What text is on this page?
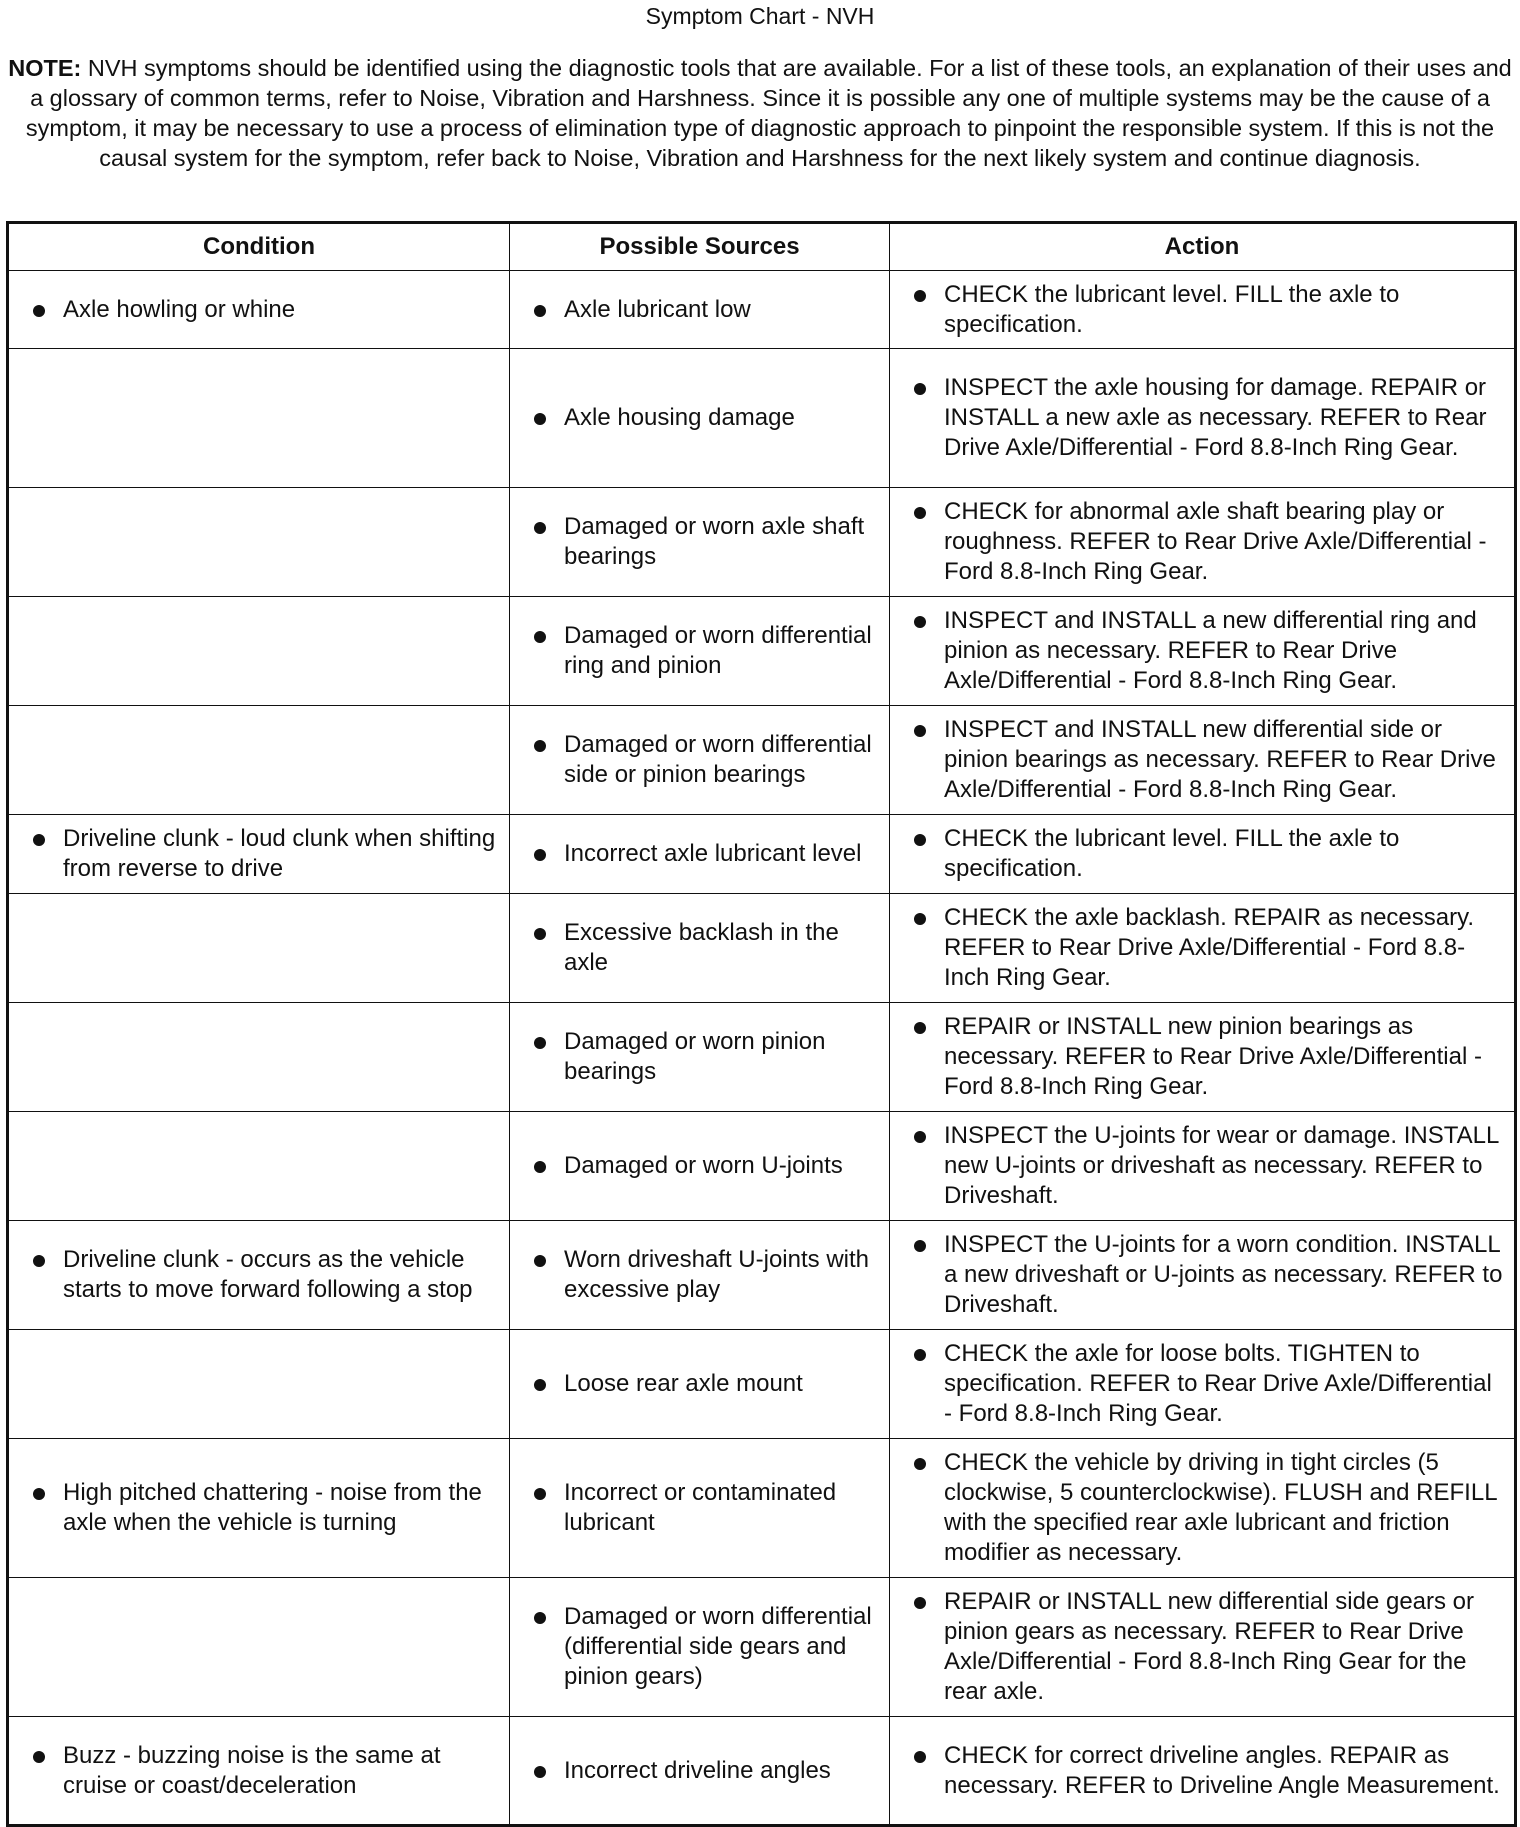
Symptom Chart - NVH
NOTE: NVH symptoms should be identified using the diagnostic tools that are available. For a list of these tools, an explanation of their uses and a glossary of common terms, refer to Noise, Vibration and Harshness. Since it is possible any one of multiple systems may be the cause of a symptom, it may be necessary to use a process of elimination type of diagnostic approach to pinpoint the responsible system. If this is not the causal system for the symptom, refer back to Noise, Vibration and Harshness for the next likely system and continue diagnosis.
Condition	Possible Sources	Action

Axle howling or whine	Axle lubricant low	CHECK the lubricant level. FILL the axle to specification.

	Axle housing damage	INSPECT the axle housing for damage. REPAIR or INSTALL a new axle as necessary. REFER to Rear Drive Axle/Differential - Ford 8.8-Inch Ring Gear.

	Damaged or worn axle shaft bearings	CHECK for abnormal axle shaft bearing play or roughness. REFER to Rear Drive Axle/Differential - Ford 8.8-Inch Ring Gear.

	Damaged or worn differential ring and pinion	INSPECT and INSTALL a new differential ring and pinion as necessary. REFER to Rear Drive Axle/Differential - Ford 8.8-Inch Ring Gear.

	Damaged or worn differential side or pinion bearings	INSPECT and INSTALL new differential side or pinion bearings as necessary. REFER to Rear Drive Axle/Differential - Ford 8.8-Inch Ring Gear.

Driveline clunk - loud clunk when shifting from reverse to drive	Incorrect axle lubricant level	CHECK the lubricant level. FILL the axle to specification.

	Excessive backlash in the axle	CHECK the axle backlash. REPAIR as necessary. REFER to Rear Drive Axle/Differential - Ford 8.8-Inch Ring Gear.

	Damaged or worn pinion bearings	REPAIR or INSTALL new pinion bearings as necessary. REFER to Rear Drive Axle/Differential - Ford 8.8-Inch Ring Gear.

	Damaged or worn U-joints	INSPECT the U-joints for wear or damage. INSTALL new U-joints or driveshaft as necessary. REFER to Driveshaft.

Driveline clunk - occurs as the vehicle starts to move forward following a stop	Worn driveshaft U-joints with excessive play	INSPECT the U-joints for a worn condition. INSTALL a new driveshaft or U-joints as necessary. REFER to Driveshaft.

	Loose rear axle mount	CHECK the axle for loose bolts. TIGHTEN to specification. REFER to Rear Drive Axle/Differential - Ford 8.8-Inch Ring Gear.

High pitched chattering - noise from the axle when the vehicle is turning	Incorrect or contaminated lubricant	CHECK the vehicle by driving in tight circles (5 clockwise, 5 counterclockwise). FLUSH and REFILL with the specified rear axle lubricant and friction modifier as necessary.

	Damaged or worn differential (differential side gears and pinion gears)	REPAIR or INSTALL new differential side gears or pinion gears as necessary. REFER to Rear Drive Axle/Differential - Ford 8.8-Inch Ring Gear for the rear axle.

Buzz - buzzing noise is the same at cruise or coast/deceleration	Incorrect driveline angles	CHECK for correct driveline angles. REPAIR as necessary. REFER to Driveline Angle Measurement.
